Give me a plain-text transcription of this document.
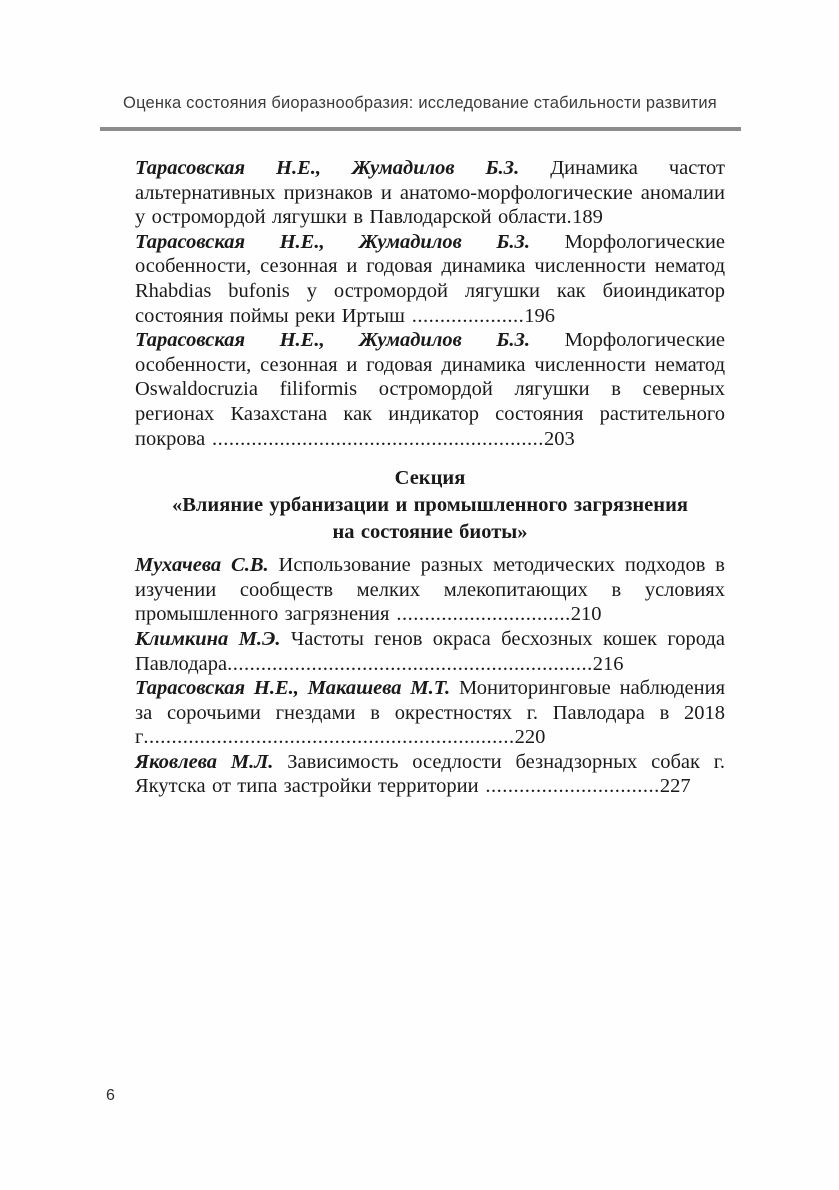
Оценка состояния биоразнообразия: исследование стабильности развития

Тарасовская Н.Е., Жумадилов Б.З. Динамика частот альтернативных признаков и анатомо-морфологические аномалии у остромордой лягушки в Павлодарской области.189

Тарасовская Н.Е., Жумадилов Б.З. Морфологические особенности, сезонная и годовая динамика численности нематод Rhabdias bufonis у остромордой лягушки как биоиндикатор состояния поймы реки Иртыш ....................196

Тарасовская Н.Е., Жумадилов Б.З. Морфологические особенности, сезонная и годовая динамика численности нематод Oswaldocruzia filiformis остромордой лягушки в северных регионах Казахстана как индикатор состояния растительного покрова ...........................................................203

Секция
«Влияние урбанизации и промышленного загрязнения
на состояние биоты»

Мухачева С.В. Использование разных методических подходов в изучении сообществ мелких млекопитающих в условиях промышленного загрязнения ...............................210

Климкина М.Э. Частоты генов окраса бесхозных кошек города Павлодара.................................................................216

Тарасовская Н.Е., Макашева М.Т. Мониторинговые наблюдения за сорочьими гнездами в окрестностях г. Павлодара в 2018 г..................................................................220

Яковлева М.Л. Зависимость оседлости безнадзорных собак г. Якутска от типа застройки территории ...............................227

6
